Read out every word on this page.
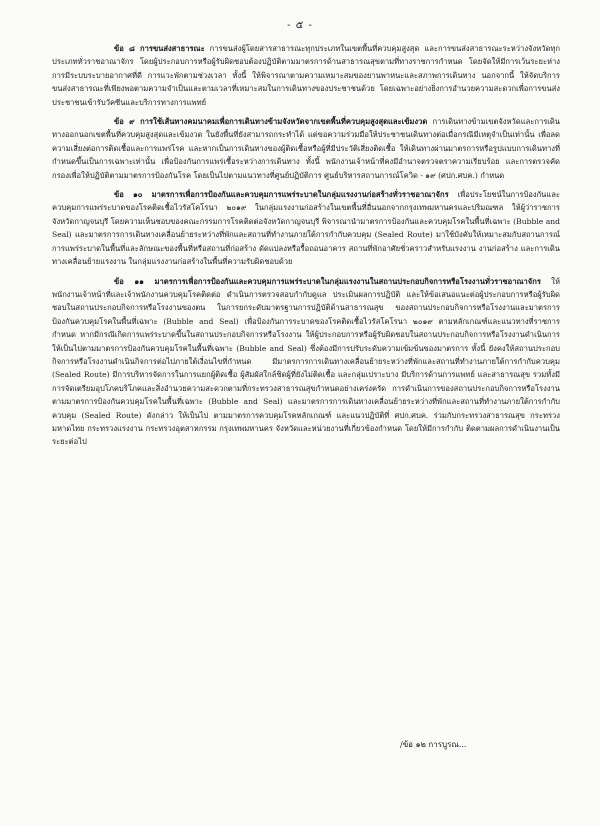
- ๕ -

ข้อ ๘ การขนส่งสาธารณะ การขนส่งผู้โดยสารสาธารณะทุกประเภทในเขตพื้นที่ควบคุมสูงสุด และการขนส่งสาธารณะระหว่างจังหวัดทุกประเภททั่วราชอาณาจักร โดยผู้ประกอบการหรือผู้รับผิดชอบต้องปฏิบัติตามมาตรการด้านสาธารณสุขตามที่ทางราชการกำหนด โดยจัดให้มีการเว้นระยะห่าง การมีระบบระบายอากาศที่ดี การแวะพักตามช่วงเวลา ทั้งนี้ ให้พิจารณาตามความเหมาะสมของยานพาหนะและสภาพการเดินทาง นอกจากนี้ ให้จัดบริการขนส่งสาธารณะที่เพียงพอตามความจำเป็นและตามเวลาที่เหมาะสมในการเดินทางของประชาชนด้วย โดยเฉพาะอย่างยิ่งการอำนวยความสะดวกเพื่อการขนส่ง ประชาชนเข้ารับวัคซีนและบริการทางการแพทย์

ข้อ ๙ การใช้เส้นทางคมนาคมเพื่อการเดินทางข้ามจังหวัดจากเขตพื้นที่ควบคุมสูงสุดและเข้มงวด การเดินทางข้ามเขตจังหวัดและการเดินทางออกนอกเขตพื้นที่ควบคุมสูงสุดและเข้มงวด ในยังพื้นที่ยังสามารถกระทำได้ แต่ขอความร่วมมือให้ประชาชนเดินทางต่อเมื่อกรณีมีเหตุจำเป็นเท่านั้น เพื่อลดความเสี่ยงต่อการติดเชื้อและการแพร่โรค และหากเป็นการเดินทางของผู้ติดเชื้อหรือผู้ที่มีประวัติเสี่ยงติดเชื้อ ให้เดินทางผ่านมาตรการหรือรูปแบบการเดินทางที่กำหนดขึ้นเป็นการเฉพาะเท่านั้น เพื่อป้องกันการแพร่เชื้อระหว่างการเดินทาง ทั้งนี้ พนักงานเจ้าหน้าที่คงมีอำนาจตรวจตราความเรียบร้อย และการตรวจคัดกรองเพื่อให้ปฏิบัติตามมาตรการป้องกันโรค โดยเป็นไปตามแนวทางที่ศูนย์ปฏิบัติการ ศูนย์บริหารสถานการณ์โควิด - ๑๙ (ศปก.ศบค.) กำหนด

ข้อ ๑๐ มาตรการเพื่อการป้องกันและควบคุมการแพร่ระบาดในกลุ่มแรงงานก่อสร้างทั่วราชอาณาจักร เพื่อประโยชน์ในการป้องกันและควบคุมการแพร่ระบาดของโรคติดเชื้อไวรัสโคโรนา ๒๐๑๙ ในกลุ่มแรงงานก่อสร้างในเขตพื้นที่อื่นนอกจากกรุงเทพมหานครและปริมณฑล ให้ผู้ว่าราชการจังหวัดกาญจนบุรี โดยความเห็นชอบของคณะกรรมการโรคติดต่อจังหวัดกาญจนบุรี พิจารณานำมาตรการป้องกันและควบคุมโรคในพื้นที่เฉพาะ (Bubble and Seal) และมาตรการการเดินทางเคลื่อนย้ายระหว่างที่พักและสถานที่ทำงานภายใต้การกำกับควบคุม (Sealed Route) มาใช้บังคับให้เหมาะสมกับสถานการณ์การแพร่ระบาดในพื้นที่และลักษณะของพื้นที่หรือสถานที่ก่อสร้าง ดัดแปลงหรือรื้อถอนอาคาร สถานที่พักอาศัยชั่วคราวสำหรับแรงงาน งานก่อสร้าง และการเดินทางเคลื่อนย้ายแรงงาน ในกลุ่มแรงงานก่อสร้างในพื้นที่ความรับผิดชอบด้วย

ข้อ ๑๑ มาตรการเพื่อการป้องกันและควบคุมการแพร่ระบาดในกลุ่มแรงงานในสถานประกอบกิจการหรือโรงงานทั่วราชอาณาจักร ให้พนักงานเจ้าหน้าที่และเจ้าพนักงานควบคุมโรคติดต่อ ดำเนินการตรวจสอบกำกับดูแล ประเมินผลการปฏิบัติ และให้ข้อเสนอแนะต่อผู้ประกอบการหรือผู้รับผิดชอบในสถานประกอบกิจการหรือโรงงานของตน ในการยกระดับมาตรฐานการปฏิบัติด้านสาธารณสุข ของสถานประกอบกิจการหรือโรงงานและมาตรการป้องกันควบคุมโรคในพื้นที่เฉพาะ (Bubble and Seal) เพื่อป้องกันการระบาดของโรคติดเชื้อไวรัสโคโรนา ๒๐๑๙ ตามหลักเกณฑ์และแนวทางที่ราชการกำหนด หากมีกรณีเกิดการแพร่ระบาดขึ้นในสถานประกอบกิจการหรือโรงงาน ให้ผู้ประกอบการหรือผู้รับผิดชอบในสถานประกอบกิจการหรือโรงงานดำเนินการให้เป็นไปตามมาตรการป้องกันควบคุมโรคในพื้นที่เฉพาะ (Bubble and Seal) ซึ่งต้องมีการปรับระดับความเข้มข้นของมาตรการ ทั้งนี้ ยังคงให้สถานประกอบกิจการหรือโรงงานดำเนินกิจการต่อไปภายใต้เงื่อนไขที่กำหนด มีมาตรการการเดินทางเคลื่อนย้ายระหว่างที่พักและสถานที่ทำงานภายใต้การกำกับควบคุม (Sealed Route) มีการบริหารจัดการในการแยกผู้ติดเชื้อ ผู้สัมผัสใกล้ชิดผู้ที่ยังไม่ติดเชื้อ และกลุ่มเปราะบาง มีบริการด้านการแพทย์ และสาธารณสุข รวมทั้งมีการจัดเตรียมอุปโภคบริโภคและสิ่งอำนวยความสะดวกตามที่กระทรวงสาธารณสุขกำหนดอย่างเคร่งครัด การดำเนินการของสถานประกอบกิจการหรือโรงงานตามมาตรการป้องกันควบคุมโรคในพื้นที่เฉพาะ (Bubble and Seal) และมาตรการการเดินทางเคลื่อนย้ายระหว่างที่พักและสถานที่ทำงานภายใต้การกำกับควบคุม (Sealed Route) ดังกล่าว ให้เป็นไป ตามมาตรการควบคุมโรคหลักเกณฑ์ และแนวปฏิบัติที่ ศปก.ศบค. ร่วมกับกระทรวงสาธารณสุข กระทรวงมหาดไทย กระทรวงแรงงาน กระทรวงอุตสาหกรรม กรุงเทพมหานคร จังหวัดและหน่วยงานที่เกี่ยวข้องกำหนด โดยให้มีการกำกับ ติดตามผลการดำเนินงานเป็นระยะต่อไป

/ข้อ ๑๒ การบูรณ...
